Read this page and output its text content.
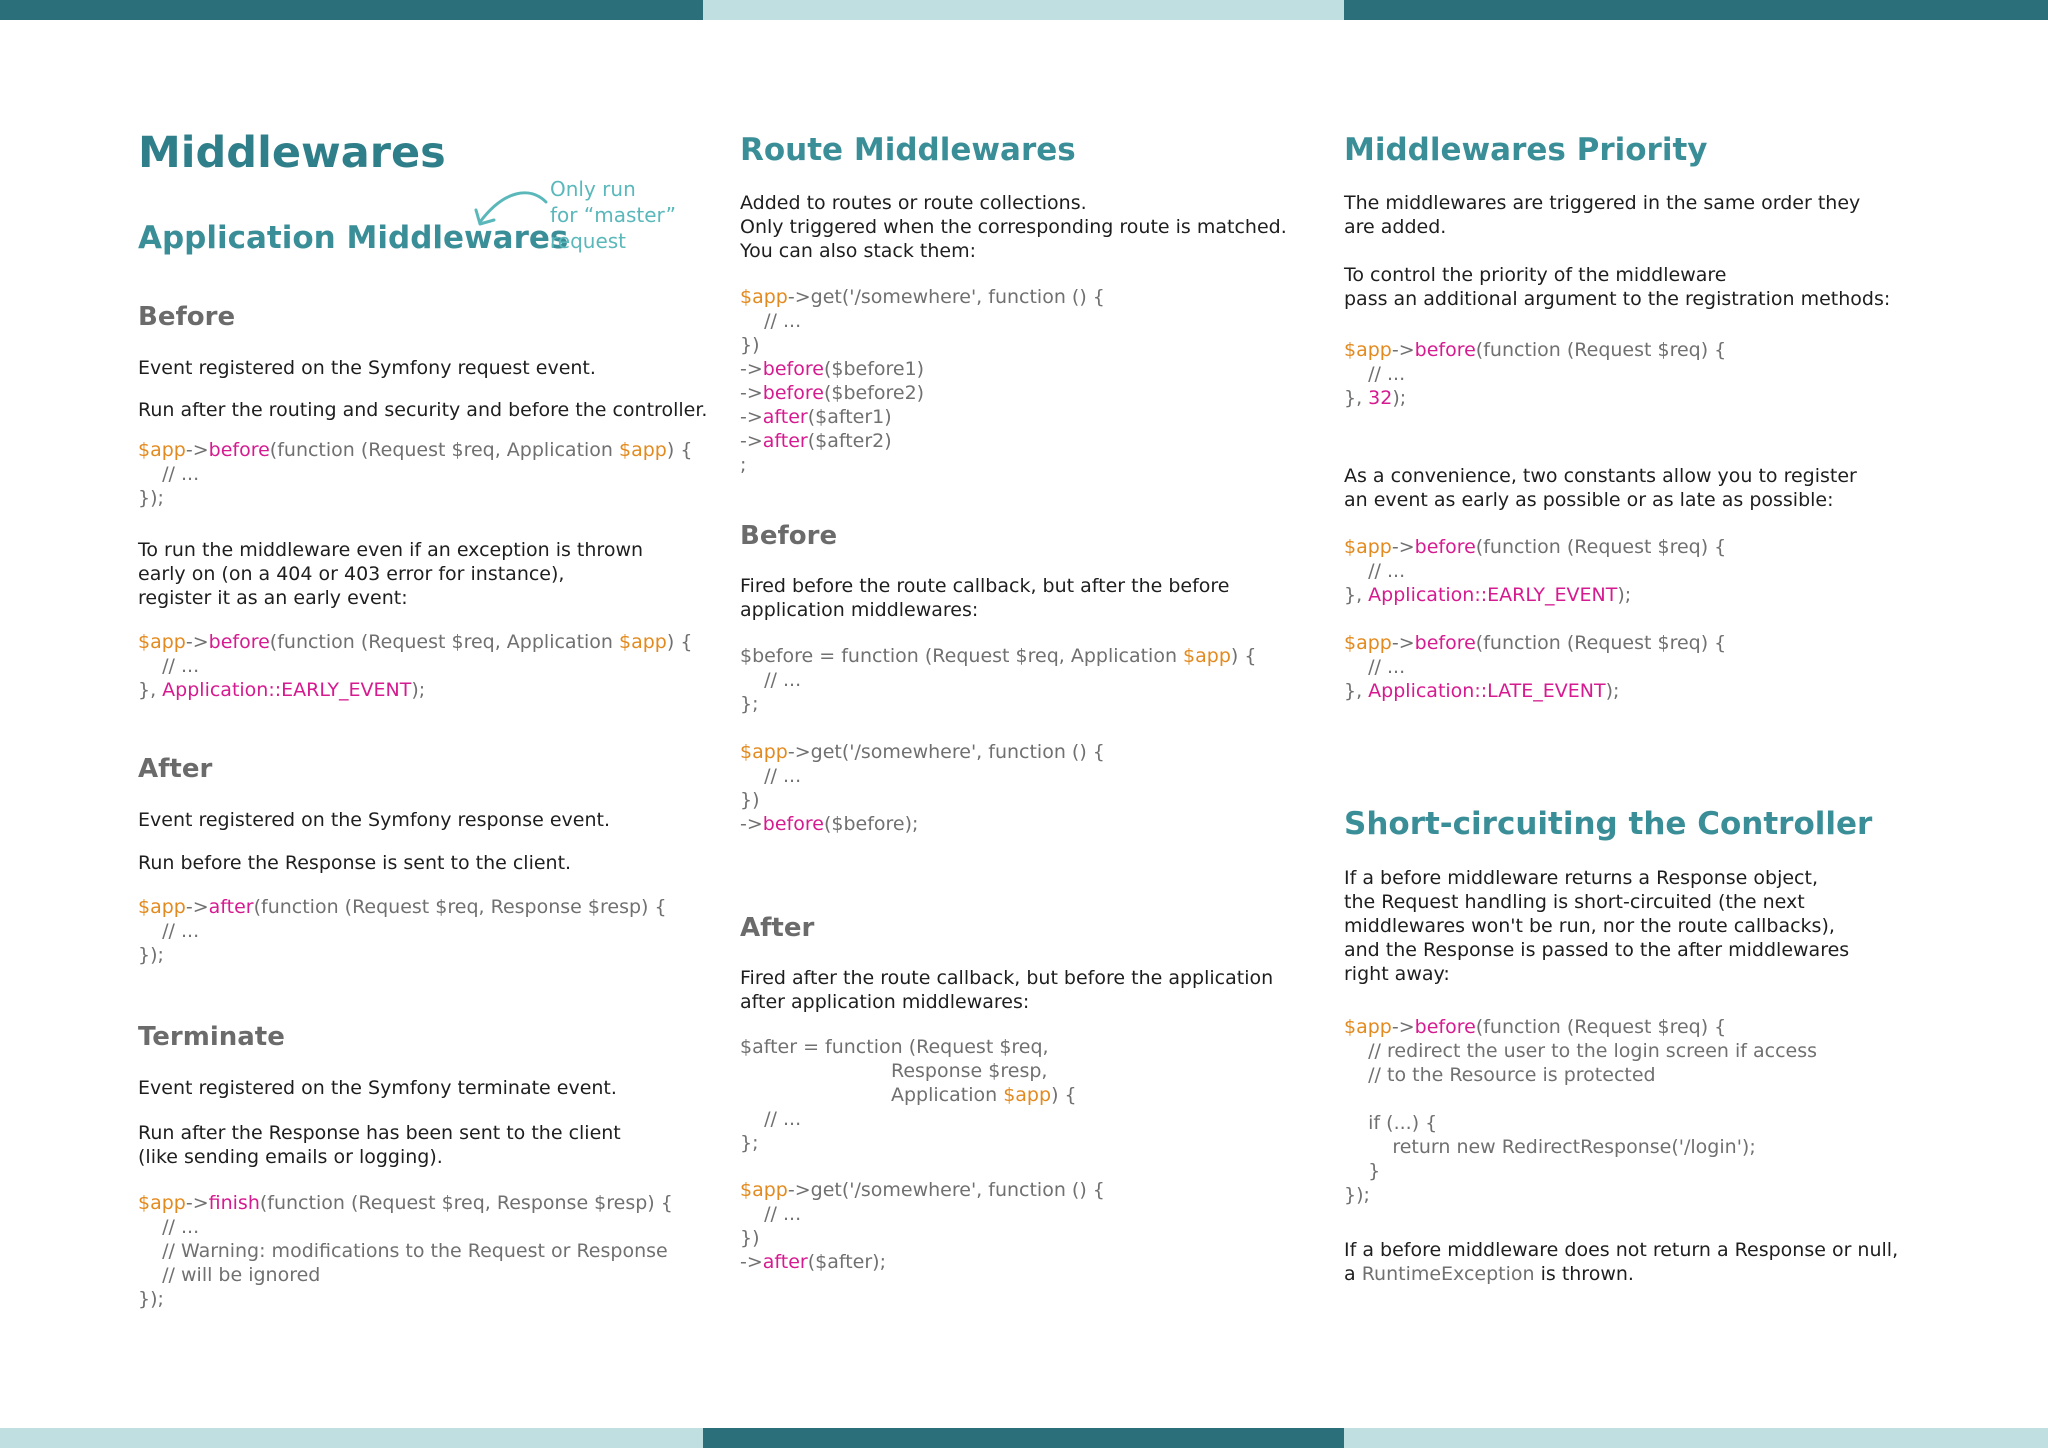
Middlewares
Application Middlewares
Before
Event registered on the Symfony request event.
Run after the routing and security and before the controller.
$app->before(function (Request $req, Application $app) {
// ...
});
To run the middleware even if an exception is thrown
early on (on a 404 or 403 error for instance),
register it as an early event:
$app->before(function (Request $req, Application $app) {
// ...
}, Application::EARLY_EVENT);
After
Event registered on the Symfony response event.
Run before the Response is sent to the client.
$app->after(function (Request $req, Response $resp) {
// ...
});
Terminate
Event registered on the Symfony terminate event.
Run after the Response has been sent to the client
(like sending emails or logging).
$app->finish(function (Request $req, Response $resp) {
// ...
// Warning: modifications to the Request or Response
// will be ignored
});
Only run
for “master”
request
Route Middlewares
Added to routes or route collections.
Only triggered when the corresponding route is matched.
You can also stack them:
$app->get('/somewhere', function () {
// ...
})
->before($before1)
->before($before2)
->after($after1)
->after($after2)
;
Before
Fired before the route callback, but after the before
application middlewares:
$before = function (Request $req, Application $app) {
// ...
};
$app->get('/somewhere', function () {
// ...
})
->before($before);
After
Fired after the route callback, but before the application
after application middlewares:
$after = function (Request $req,
Response $resp,
Application $app) {
// ...
};
$app->get('/somewhere', function () {
// ...
})
->after($after);
Middlewares Priority
The middlewares are triggered in the same order they
are added.
To control the priority of the middleware
pass an additional argument to the registration methods:
$app->before(function (Request $req) {
// ...
}, 32);
As a convenience, two constants allow you to register
an event as early as possible or as late as possible:
$app->before(function (Request $req) {
// ...
}, Application::EARLY_EVENT);
$app->before(function (Request $req) {
// ...
}, Application::LATE_EVENT);
Short-circuiting the Controller
If a before middleware returns a Response object,
the Request handling is short-circuited (the next
middlewares won't be run, nor the route callbacks),
and the Response is passed to the after middlewares
right away:
$app->before(function (Request $req) {
// redirect the user to the login screen if access
// to the Resource is protected

if (...) {
return new RedirectResponse('/login');
}
});
If a before middleware does not return a Response or null,
a RuntimeException is thrown.
